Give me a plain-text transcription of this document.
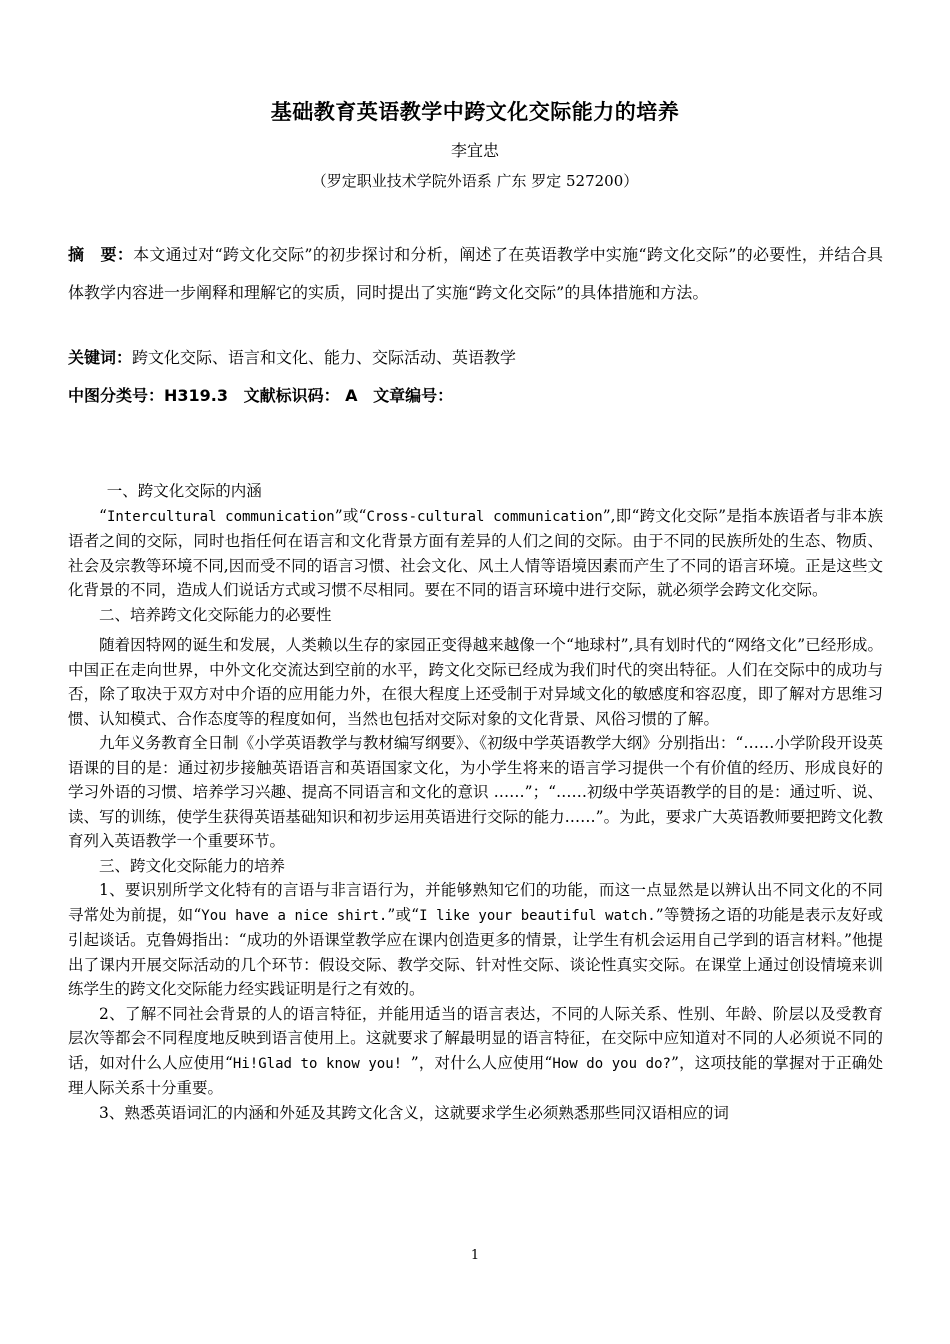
基础教育英语教学中跨文化交际能力的培养
李宜忠
（罗定职业技术学院外语系 广东 罗定 527200）
摘　要：本文通过对“跨文化交际”的初步探讨和分析，阐述了在英语教学中实施“跨文化交际”的必要性，并结合具体教学内容进一步阐释和理解它的实质，同时提出了实施“跨文化交际”的具体措施和方法。
关键词：跨文化交际、语言和文化、能力、交际活动、英语教学
中图分类号：H319.3 文献标识码： A 文章编号：

一、跨文化交际的内涵

“Intercultural communication”或“Cross-cultural communication”,即“跨文化交际”是指本族语者与非本族语者之间的交际，同时也指任何在语言和文化背景方面有差异的人们之间的交际。由于不同的民族所处的生态、物质、社会及宗教等环境不同,因而受不同的语言习惯、社会文化、风土人情等语境因素而产生了不同的语言环境。正是这些文化背景的不同，造成人们说话方式或习惯不尽相同。要在不同的语言环境中进行交际，就必须学会跨文化交际。

二、培养跨文化交际能力的必要性

随着因特网的诞生和发展，人类赖以生存的家园正变得越来越像一个“地球村”,具有划时代的“网络文化”已经形成。中国正在走向世界，中外文化交流达到空前的水平，跨文化交际已经成为我们时代的突出特征。人们在交际中的成功与否，除了取决于双方对中介语的应用能力外，在很大程度上还受制于对异域文化的敏感度和容忍度，即了解对方思维习惯、认知模式、合作态度等的程度如何，当然也包括对交际对象的文化背景、风俗习惯的了解。

九年义务教育全日制《小学英语教学与教材编写纲要》、《初级中学英语教学大纲》分别指出：“……小学阶段开设英语课的目的是：通过初步接触英语语言和英语国家文化，为小学生将来的语言学习提供一个有价值的经历、形成良好的学习外语的习惯、培养学习兴趣、提高不同语言和文化的意识 ……”；“……初级中学英语教学的目的是：通过听、说、读、写的训练，使学生获得英语基础知识和初步运用英语进行交际的能力……”。为此，要求广大英语教师要把跨文化教育列入英语教学一个重要环节。

三、跨文化交际能力的培养

1、要识别所学文化特有的言语与非言语行为，并能够熟知它们的功能，而这一点显然是以辨认出不同文化的不同寻常处为前提，如“You have a nice shirt.”或“I like your beautiful watch.”等赞扬之语的功能是表示友好或引起谈话。克鲁姆指出：“成功的外语课堂教学应在课内创造更多的情景，让学生有机会运用自己学到的语言材料。”他提出了课内开展交际活动的几个环节：假设交际、教学交际、针对性交际、谈论性真实交际。在课堂上通过创设情境来训练学生的跨文化交际能力经实践证明是行之有效的。

2、了解不同社会背景的人的语言特征，并能用适当的语言表达，不同的人际关系、性别、年龄、阶层以及受教育层次等都会不同程度地反映到语言使用上。这就要求了解最明显的语言特征，在交际中应知道对不同的人必须说不同的话，如对什么人应使用“Hi!Glad to know you! ”，对什么人应使用“How do you do?”，这项技能的掌握对于正确处理人际关系十分重要。

3、熟悉英语词汇的内涵和外延及其跨文化含义，这就要求学生必须熟悉那些同汉语相应的词

1
